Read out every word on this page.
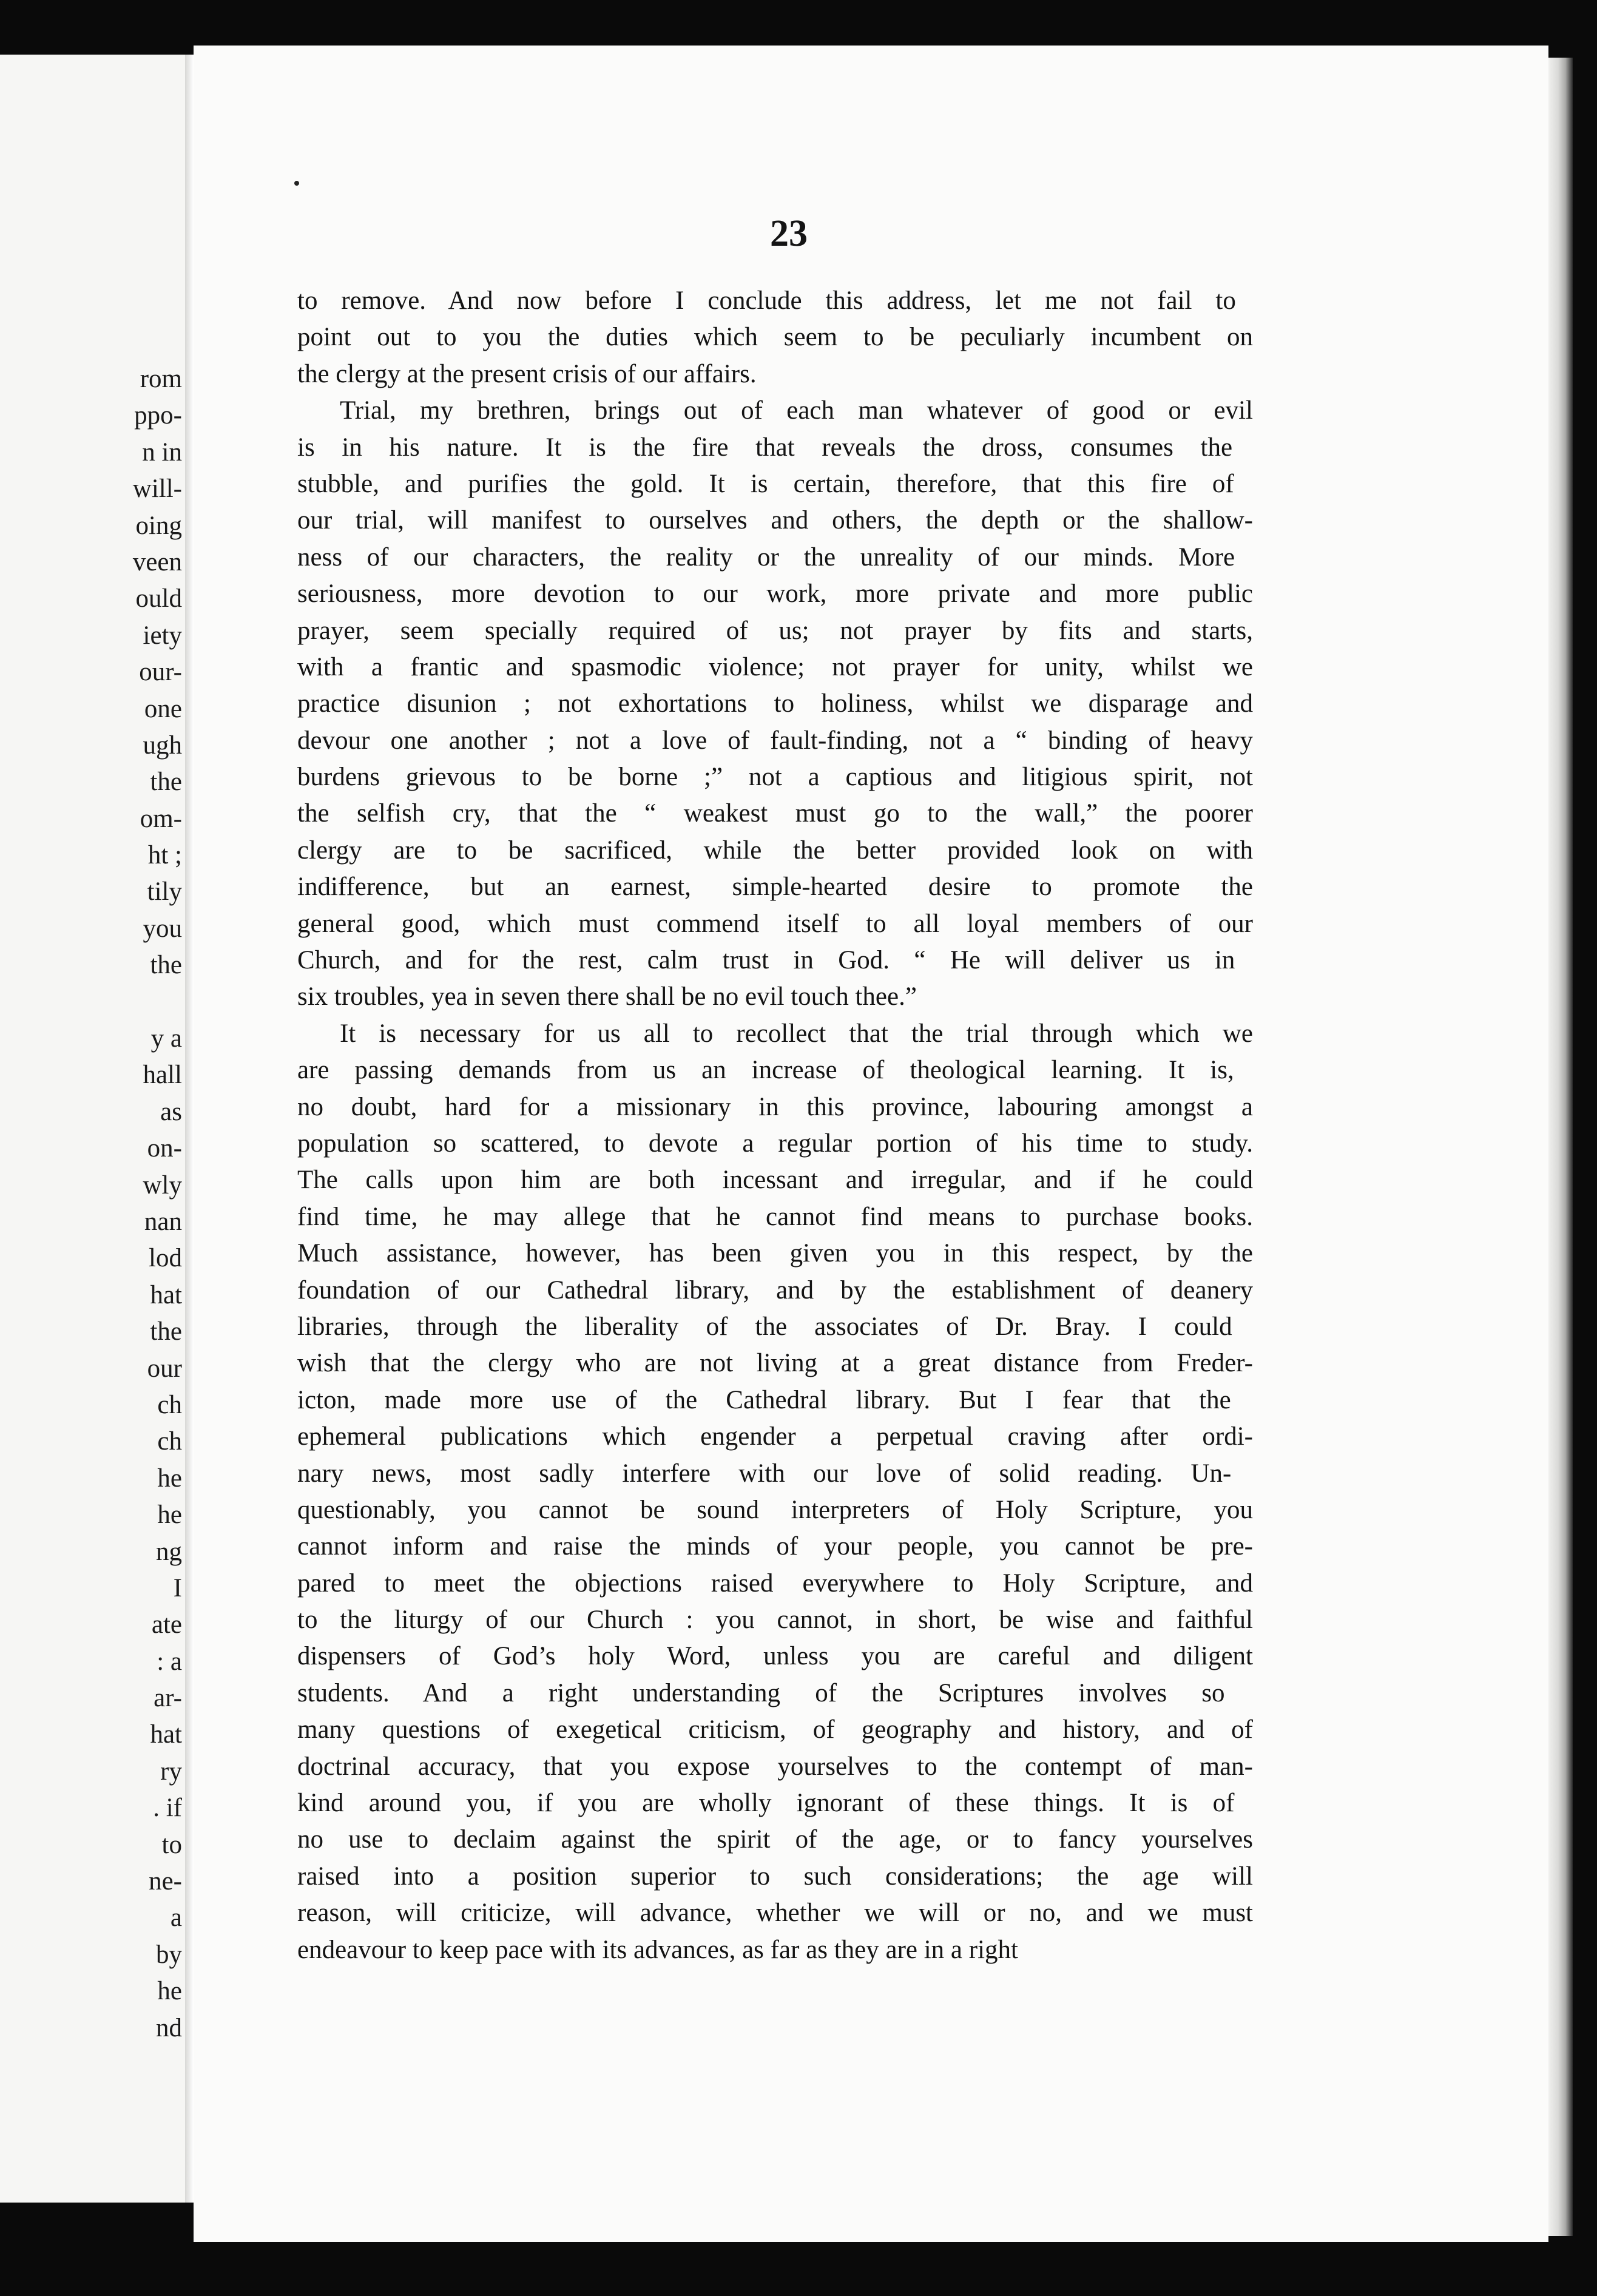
rom
ppo-
n in
will-
oing
veen
ould
iety
our-
one
ugh
the
om-
ht ;
tily
you
the
y a
hall
as
on-
wly
nan
lod
hat
the
our
ch
ch
he
he
ng
I
ate
: a
ar-
hat
ry
. if
to
ne-
a
by
he
nd
23
to remove. And now before I conclude this address, let me not fail to
point out to you the duties which seem to be peculiarly incumbent on
the clergy at the present crisis of our affairs.
Trial, my brethren, brings out of each man whatever of good or evil
is in his nature. It is the fire that reveals the dross, consumes the
stubble, and purifies the gold. It is certain, therefore, that this fire of
our trial, will manifest to ourselves and others, the depth or the shallow-
ness of our characters, the reality or the unreality of our minds. More
seriousness, more devotion to our work, more private and more public
prayer, seem specially required of us; not prayer by fits and starts,
with a frantic and spasmodic violence; not prayer for unity, whilst we
practice disunion ; not exhortations to holiness, whilst we disparage and
devour one another ; not a love of fault-finding, not a “ binding of heavy
burdens grievous to be borne ;” not a captious and litigious spirit, not
the selfish cry, that the “ weakest must go to the wall,” the poorer
clergy are to be sacrificed, while the better provided look on with
indifference, but an earnest, simple-hearted desire to promote the
general good, which must commend itself to all loyal members of our
Church, and for the rest, calm trust in God. “ He will deliver us in
six troubles, yea in seven there shall be no evil touch thee.”
It is necessary for us all to recollect that the trial through which we
are passing demands from us an increase of theological learning. It is,
no doubt, hard for a missionary in this province, labouring amongst a
population so scattered, to devote a regular portion of his time to study.
The calls upon him are both incessant and irregular, and if he could
find time, he may allege that he cannot find means to purchase books.
Much assistance, however, has been given you in this respect, by the
foundation of our Cathedral library, and by the establishment of deanery
libraries, through the liberality of the associates of Dr. Bray. I could
wish that the clergy who are not living at a great distance from Freder-
icton, made more use of the Cathedral library. But I fear that the
ephemeral publications which engender a perpetual craving after ordi-
nary news, most sadly interfere with our love of solid reading. Un-
questionably, you cannot be sound interpreters of Holy Scripture, you
cannot inform and raise the minds of your people, you cannot be pre-
pared to meet the objections raised everywhere to Holy Scripture, and
to the liturgy of our Church : you cannot, in short, be wise and faithful
dispensers of God’s holy Word, unless you are careful and diligent
students. And a right understanding of the Scriptures involves so
many questions of exegetical criticism, of geography and history, and of
doctrinal accuracy, that you expose yourselves to the contempt of man-
kind around you, if you are wholly ignorant of these things. It is of
no use to declaim against the spirit of the age, or to fancy yourselves
raised into a position superior to such considerations; the age will
reason, will criticize, will advance, whether we will or no, and we must
endeavour to keep pace with its advances, as far as they are in a right
